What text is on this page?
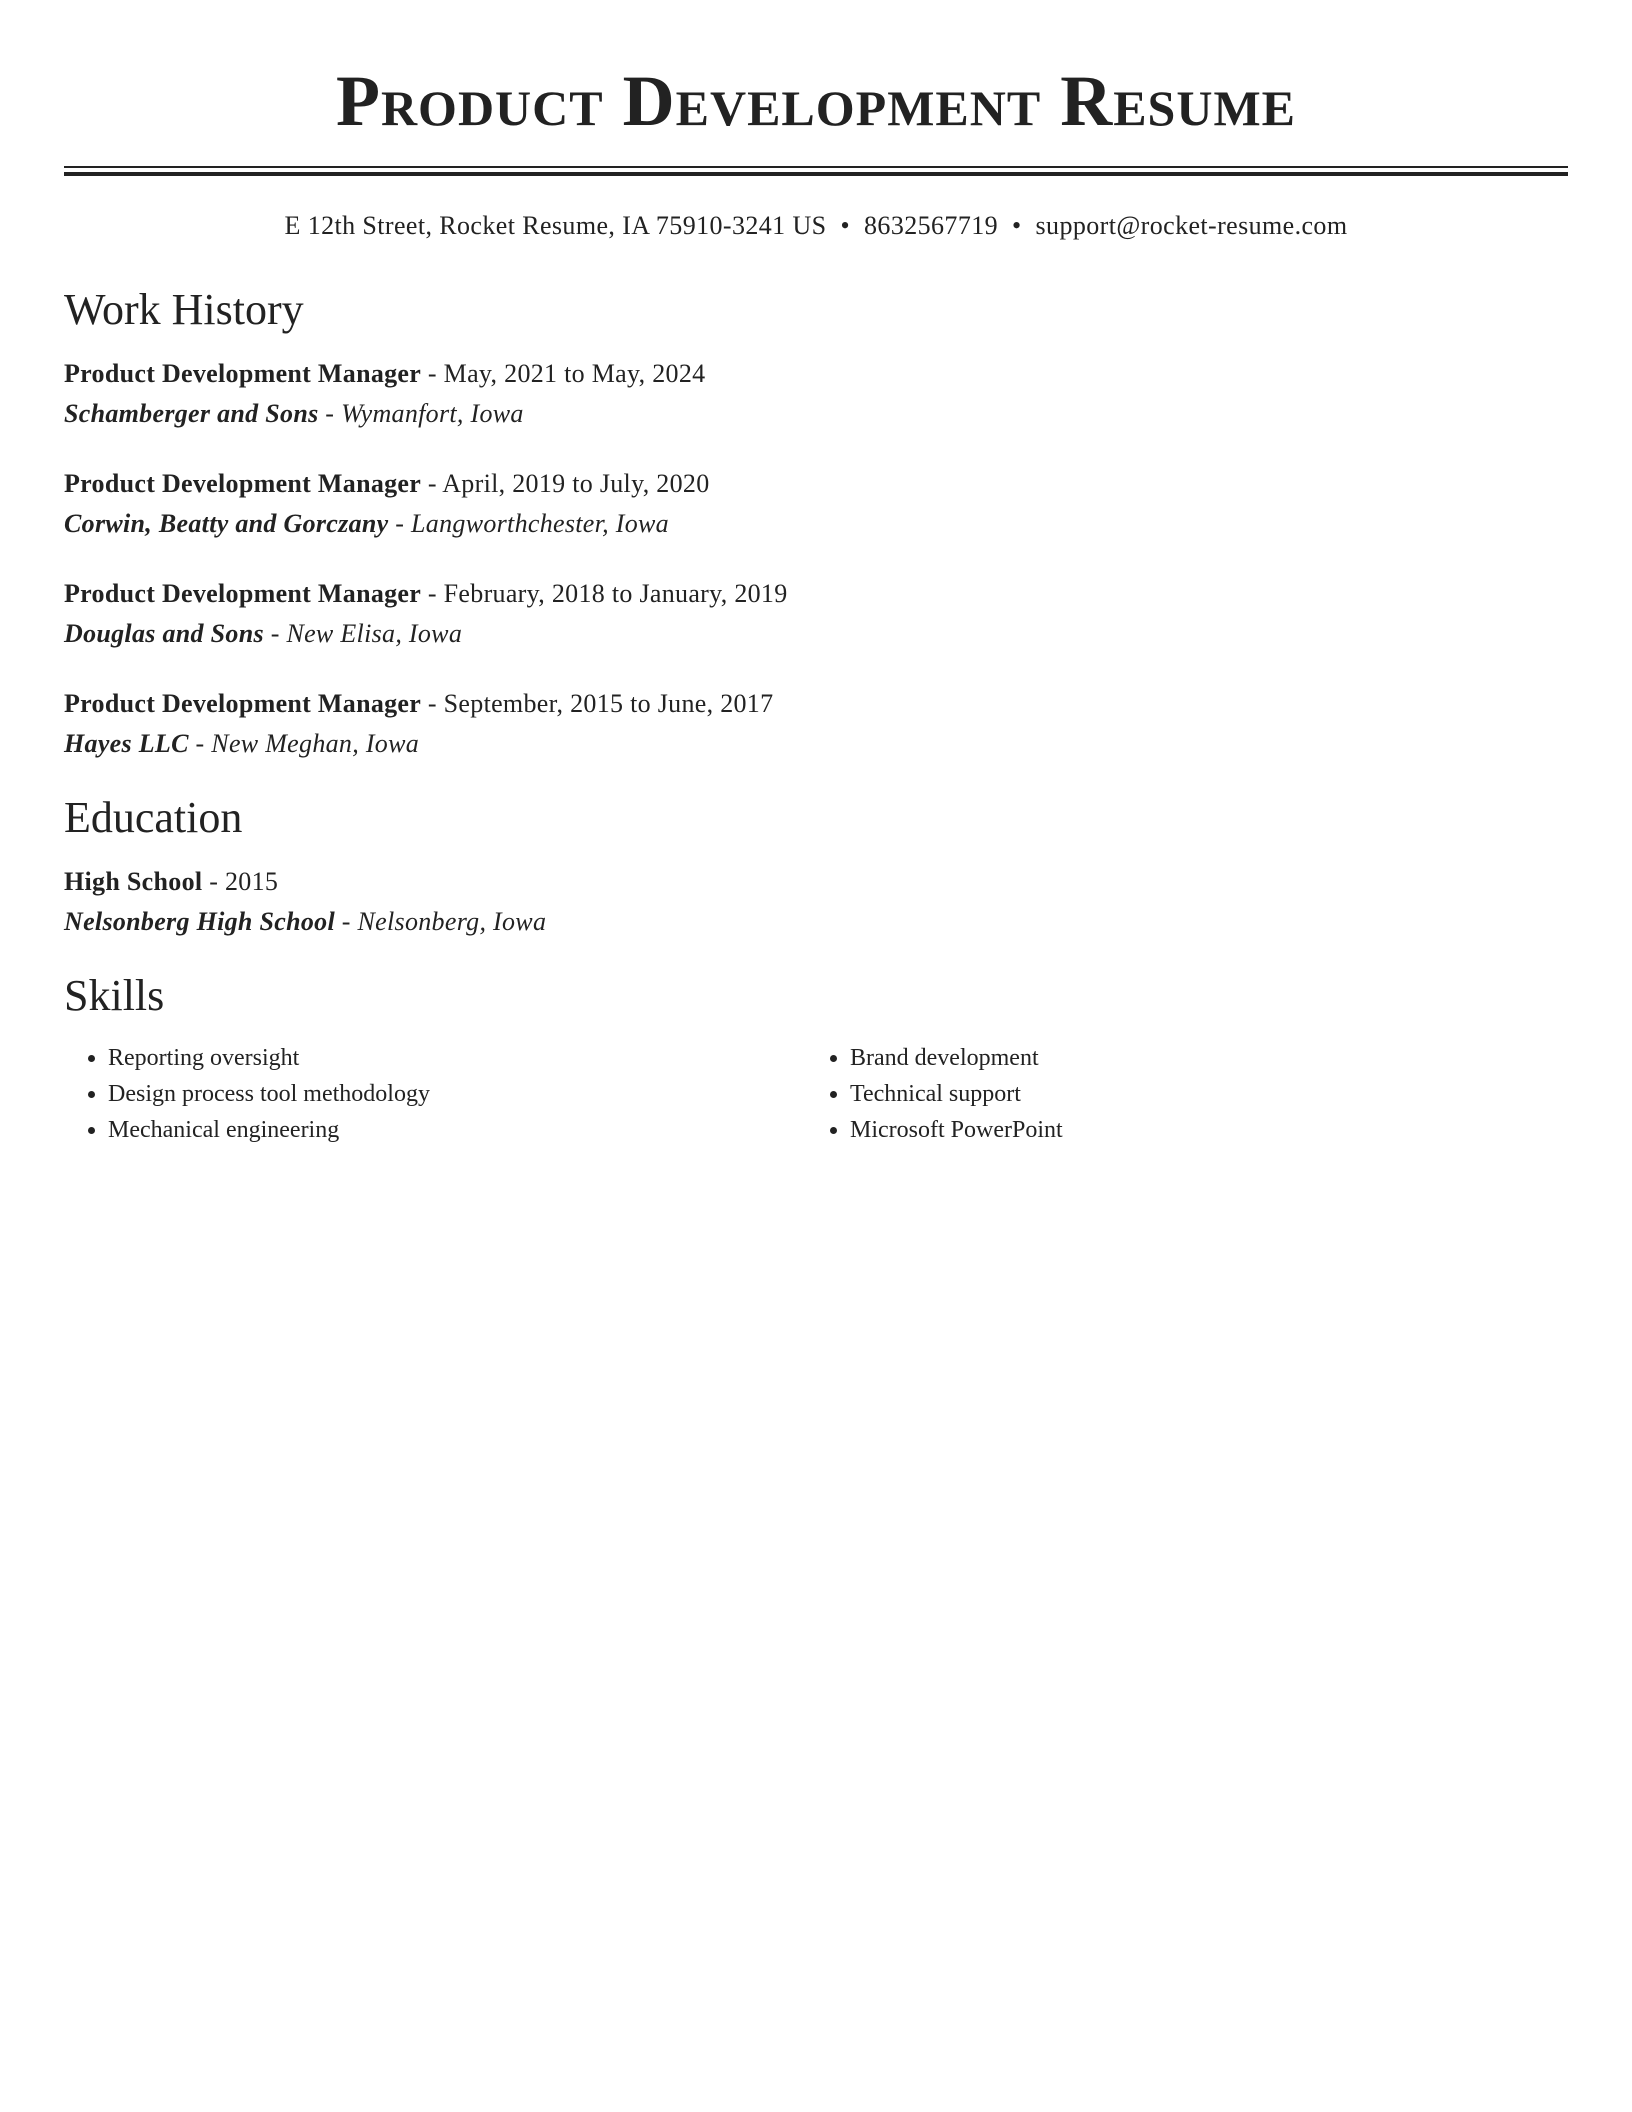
Product Development Resume
E 12th Street, Rocket Resume, IA 75910-3241 US • 8632567719 • support@rocket-resume.com
Work History
Product Development Manager - May, 2021 to May, 2024
Schamberger and Sons - Wymanfort, Iowa
Product Development Manager - April, 2019 to July, 2020
Corwin, Beatty and Gorczany - Langworthchester, Iowa
Product Development Manager - February, 2018 to January, 2019
Douglas and Sons - New Elisa, Iowa
Product Development Manager - September, 2015 to June, 2017
Hayes LLC - New Meghan, Iowa
Education
High School - 2015
Nelsonberg High School - Nelsonberg, Iowa
Skills
• Reporting oversight
• Design process tool methodology
• Mechanical engineering
• Brand development
• Technical support
• Microsoft PowerPoint
